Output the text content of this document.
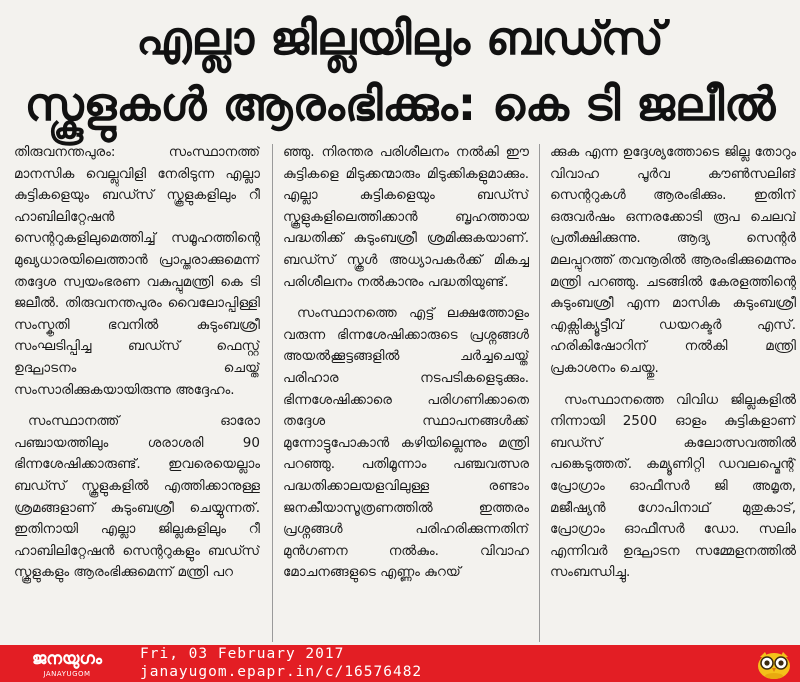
എല്ലാ ജില്ലയിലും ബഡ്സ്
സ്കൂളുകൾ ആരംഭിക്കും: കെ ടി ജലീൽ

തിരുവനന്തപുരം: സംസ്ഥാനത്ത് മാനസിക വെല്ലുവിളി നേരിടുന്ന എല്ലാ കുട്ടികളെയും ബഡ്സ് സ്കൂളുകളിലും റീ ഹാബിലിറ്റേഷൻ സെന്ററുകളിലുമെത്തിച്ച് സമൂഹത്തിന്റെ മുഖ്യധാരയിലെത്താൻ പ്രാപ്തരാക്കുമെന്ന് തദ്ദേശ സ്വയംഭരണ വകുപ്പുമന്ത്രി കെ ടി ജലീൽ. തിരുവനന്തപുരം വൈലോപ്പിള്ളി സംസ്കൃതി ഭവനിൽ കുടുംബശ്രീ സംഘടിപ്പിച്ച ബഡ്സ് ഫെസ്റ്റ് ഉദ്ഘാടനം ചെയ്ത് സംസാരിക്കുകയായിരുന്നു അദ്ദേഹം.

സംസ്ഥാനത്ത് ഓരോ പഞ്ചായത്തിലും ശരാശരി 90 ഭിന്നശേഷിക്കാരുണ്ട്. ഇവരെയെല്ലാം ബഡ്സ് സ്കൂളുകളിൽ എത്തിക്കാനുള്ള ശ്രമങ്ങളാണ് കുടുംബശ്രീ ചെയ്യുന്നത്. ഇതിനായി എല്ലാ ജില്ലകളിലും റീ ഹാബിലിറ്റേഷൻ സെന്ററുകളും ബഡ്സ് സ്കൂളുകളും ആരംഭിക്കുമെന്ന് മന്ത്രി പറ

ഞ്ഞു. നിരന്തര പരിശീലനം നൽകി ഈ കുട്ടികളെ മിടുക്കന്മാരും മിടുക്കികളുമാക്കും. എല്ലാ കുട്ടികളെയും ബഡ്സ് സ്കൂളുകളിലെത്തിക്കാൻ ബൃഹത്തായ പദ്ധതിക്ക് കുടുംബശ്രീ ശ്രമിക്കുകയാണ്. ബഡ്സ് സ്കൂൾ അധ്യാപകർക്ക് മികച്ച പരിശീലനം നൽകാനും പദ്ധതിയുണ്ട്.

സംസ്ഥാനത്തെ എട്ട് ലക്ഷത്തോളം വരുന്ന ഭിന്നശേഷിക്കാരുടെ പ്രശ്നങ്ങൾ അയൽക്കൂട്ടങ്ങളിൽ ചർച്ചചെയ്ത് പരിഹാര നടപടികളെടുക്കും. ഭിന്നശേഷിക്കാരെ പരിഗണിക്കാതെ തദ്ദേശ സ്ഥാപനങ്ങൾക്ക് മുന്നോട്ടുപോകാൻ കഴിയില്ലെന്നും മന്ത്രി പറഞ്ഞു. പതിമൂന്നാം പഞ്ചവത്സര പദ്ധതിക്കാലയളവിലുള്ള രണ്ടാം ജനകീയാസൂത്രണത്തിൽ ഇത്തരം പ്രശ്നങ്ങൾ പരിഹരിക്കുന്നതിന് മുൻഗണന നൽകും. വിവാഹ മോചനങ്ങളുടെ എണ്ണം കുറയ്

ക്കുക എന്ന ഉദ്ദേശ്യത്തോടെ ജില്ല തോറും വിവാഹ പൂർവ കൗൺസലിങ് സെന്ററുകൾ ആരംഭിക്കും. ഇതിന് ഒരുവർഷം ഒന്നരക്കോടി രൂപ ചെലവ് പ്രതീക്ഷിക്കുന്നു. ആദ്യ സെന്റർ മലപ്പുറത്ത് തവനൂരിൽ ആരംഭിക്കുമെന്നും മന്ത്രി പറഞ്ഞു. ചടങ്ങിൽ കേരളത്തിന്റെ കുടുംബശ്രീ എന്ന മാസിക കുടുംബശ്രീ എക്സിക്യൂട്ടീവ് ഡയറക്ടർ എസ്. ഹരികിഷോറിന് നൽകി മന്ത്രി പ്രകാശനം ചെയ്തു.

സംസ്ഥാനത്തെ വിവിധ ജില്ലകളിൽ നിന്നായി 2500 ഓളം കുട്ടികളാണ് ബഡ്സ് കലോത്സവത്തിൽ പങ്കെടുത്തത്. കമ്യൂണിറ്റി ഡവലപ്മെന്റ് പ്രോഗ്രാം ഓഫീസർ ജി അമൃത, മജീഷ്യൻ ഗോപിനാഥ് മുതുകാട്, പ്രോഗ്രാം ഓഫീസർ ഡോ. സലിം എന്നിവർ ഉദ്ഘാടന സമ്മേളനത്തിൽ സംബന്ധിച്ചു.

ജനയുഗം
JANAYUGOM
Fri, 03 February 2017
janayugom.epapr.in/c/16576482
